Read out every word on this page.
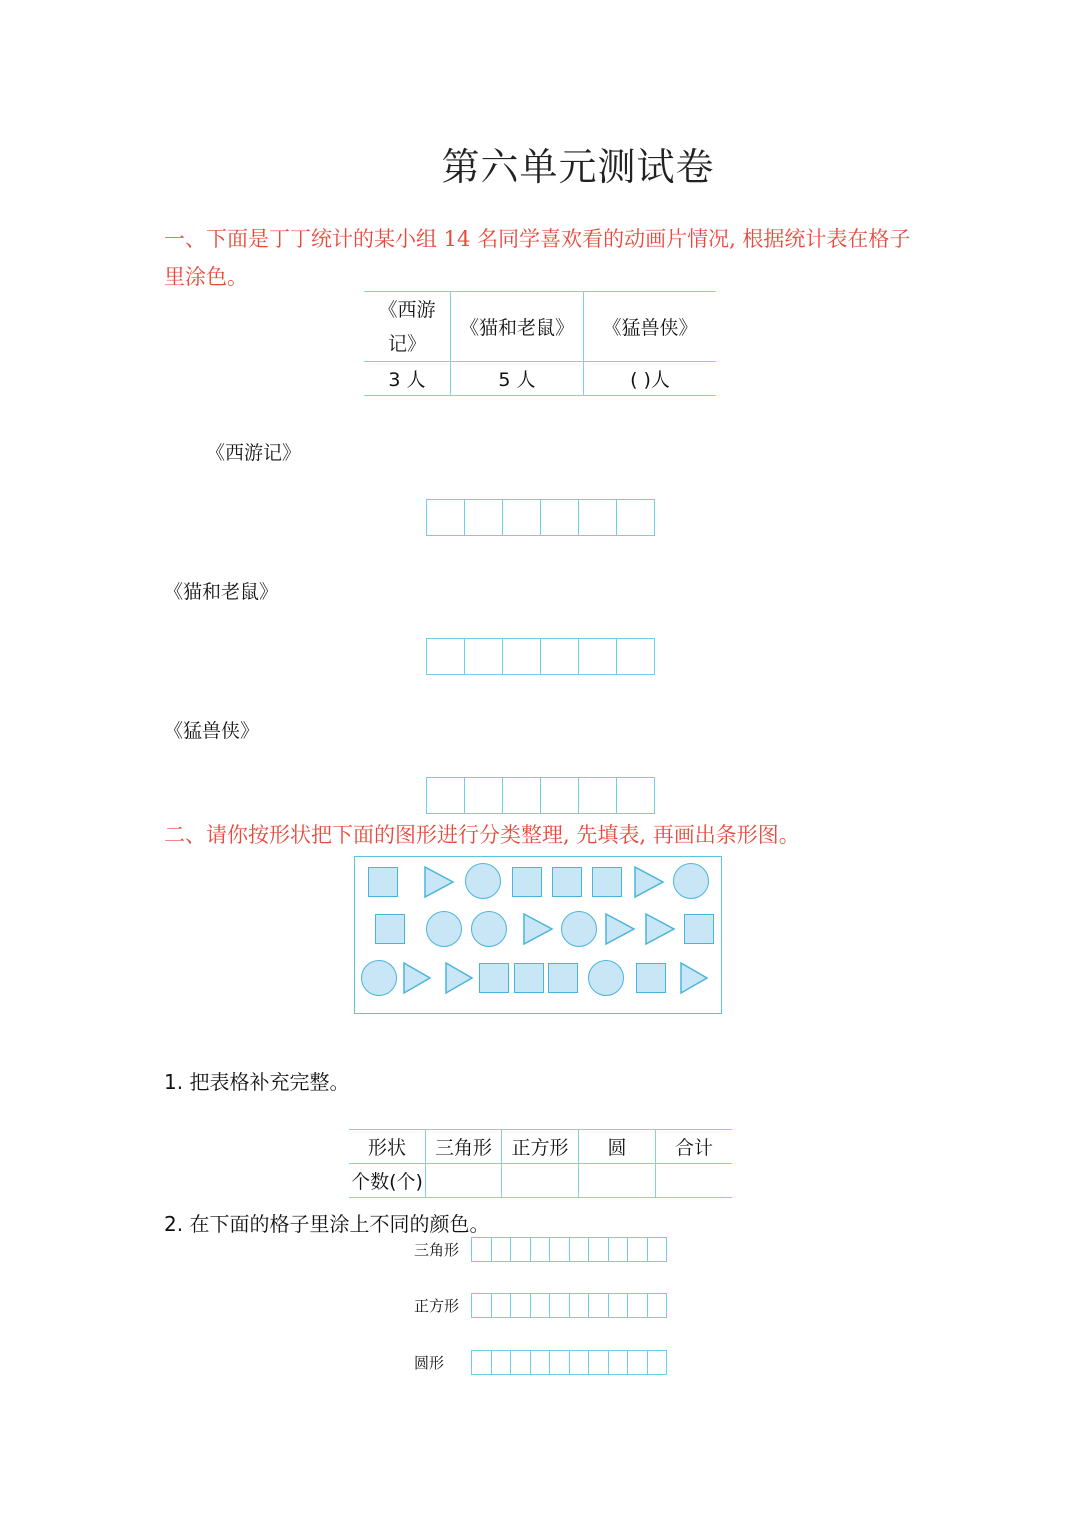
第六单元测试卷
一、下面是丁丁统计的某小组 14 名同学喜欢看的动画片情况, 根据统计表在格子
里涂色。
《西游
记》	《猫和老鼠》	《猛兽侠》
3 人	5 人	( )人
《西游记》
《猫和老鼠》
《猛兽侠》
二、请你按形状把下面的图形进行分类整理, 先填表, 再画出条形图。
1. 把表格补充完整。
形状	三角形	正方形	圆	合计
个数(个)				
2. 在下面的格子里涂上不同的颜色。
三角形
正方形
圆形
